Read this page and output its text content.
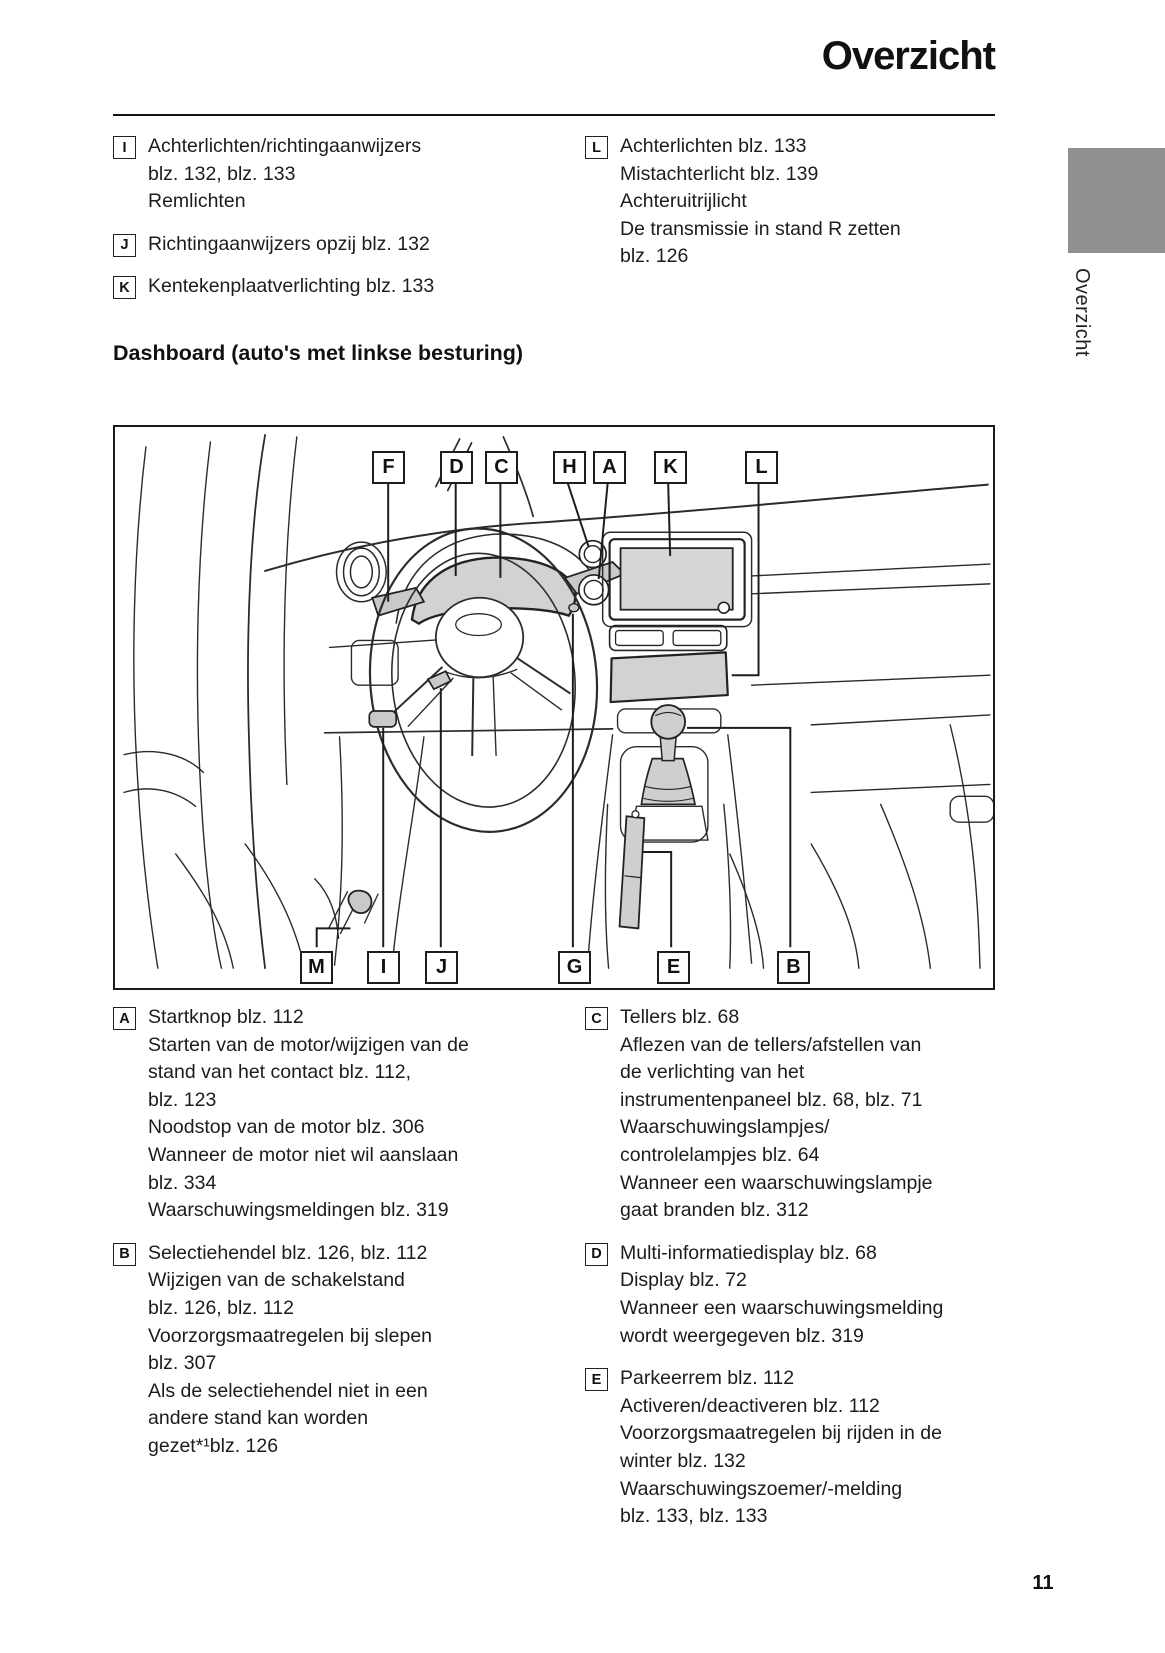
Overzicht
Overzicht
I	Achterlichten/richtingaanwijzers
blz. 132, blz. 133
Remlichten
J Richtingaanwijzers opzij blz. 132
K Kentekenplaatverlichting blz. 133
L Achterlichten blz. 133
Mistachterlicht blz. 139
Achteruitrijlicht
De transmissie in stand R zetten
blz. 126
Dashboard (auto's met linkse besturing)
F	D	C	H	A	K	L
M	I	J	G	E	B
A Startknop blz. 112
Starten van de motor/wijzigen van de
stand van het contact blz. 112,
blz. 123
Noodstop van de motor blz. 306
Wanneer de motor niet wil aanslaan
blz. 334
Waarschuwingsmeldingen blz. 319
B Selectiehendel blz. 126, blz. 112
Wijzigen van de schakelstand
blz. 126, blz. 112
Voorzorgsmaatregelen bij slepen
blz. 307
Als de selectiehendel niet in een
andere stand kan worden
gezet*¹blz. 126
C Tellers blz. 68
Aflezen van de tellers/afstellen van
de verlichting van het
instrumentenpaneel blz. 68, blz. 71
Waarschuwingslampjes/
controlelampjes blz. 64
Wanneer een waarschuwingslampje
gaat branden blz. 312
D Multi-informatiedisplay blz. 68
Display blz. 72
Wanneer een waarschuwingsmelding
wordt weergegeven blz. 319
E Parkeerrem blz. 112
Activeren/deactiveren blz. 112
Voorzorgsmaatregelen bij rijden in de
winter blz. 132
Waarschuwingszoemer/-melding
blz. 133, blz. 133
11
